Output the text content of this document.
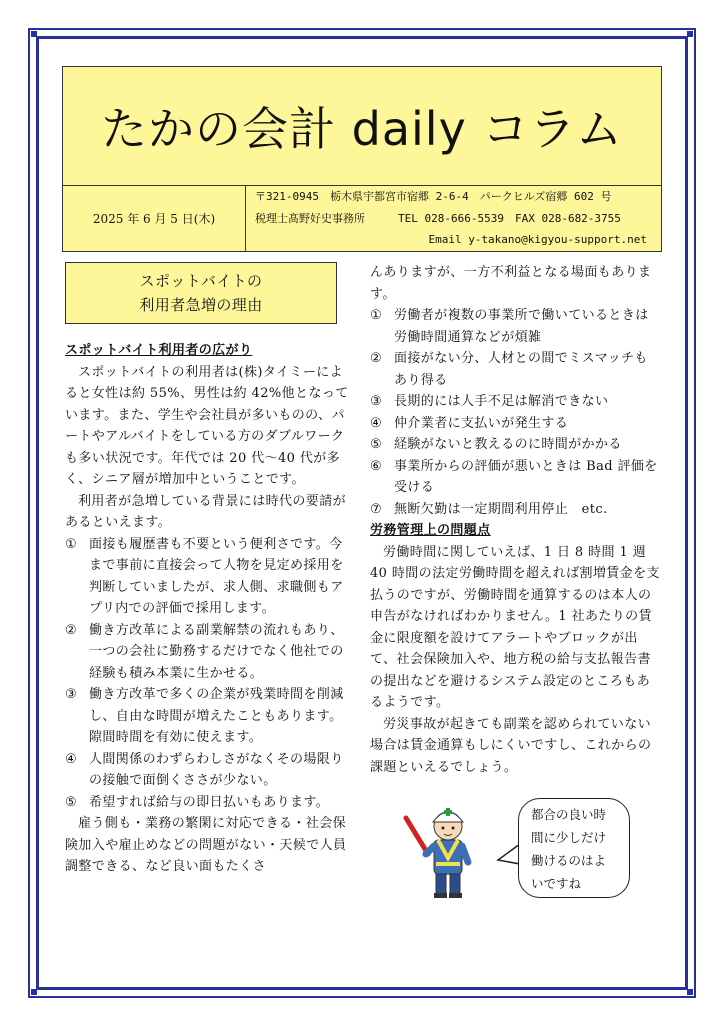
たかの会計 daily コラム
2025 年 6 月 5 日(木)
〒321-0945　栃木県宇都宮市宿郷 2-6-4　パークヒルズ宿郷 602 号
税理士髙野好史事務所　　　TEL 028-666-5539　FAX 028-682-3755
Email y-takano@kigyou-support.net
スポットバイトの
利用者急増の理由
スポットバイト利用者の広がり

スポットバイトの利用者は(株)タイミーによると女性は約 55%、男性は約 42%他となっています。また、学生や会社員が多いものの、パートやアルバイトをしている方のダブルワークも多い状況です。年代では 20 代～40 代が多く、シニア層が増加中ということです。

利用者が急増している背景には時代の要請があるといえます。

① 面接も履歴書も不要という便利さです。今まで事前に直接会って人物を見定め採用を判断していましたが、求人側、求職側もアプリ内での評価で採用します。
② 働き方改革による副業解禁の流れもあり、一つの会社に勤務するだけでなく他社での経験も積み本業に生かせる。
③ 働き方改革で多くの企業が残業時間を削減し、自由な時間が増えたこともあります。隙間時間を有効に使えます。
④ 人間関係のわずらわしさがなくその場限りの接触で面倒くささが少ない。
⑤ 希望すれば給与の即日払いもあります。

雇う側も・業務の繁閑に対応できる・社会保険加入や雇止めなどの問題がない・天候で人員調整できる、など良い面もたくさ

んありますが、一方不利益となる場面もあります。

① 労働者が複数の事業所で働いているときは労働時間通算などが煩雑
② 面接がない分、人材との間でミスマッチもあり得る
③ 長期的には人手不足は解消できない
④ 仲介業者に支払いが発生する
⑤ 経験がないと教えるのに時間がかかる
⑥ 事業所からの評価が悪いときは Bad 評価を受ける
⑦ 無断欠勤は一定期間利用停止　etc.
労務管理上の問題点

労働時間に関していえば、1 日 8 時間 1 週 40 時間の法定労働時間を超えれば割増賃金を支払うのですが、労働時間を通算するのは本人の申告がなければわかりません。1 社あたりの賃金に限度額を設けてアラートやブロックが出て、社会保険加入や、地方税の給与支払報告書の提出などを避けるシステム設定のところもあるようです。

労災事故が起きても副業を認められていない場合は賃金通算もしにくいですし、これからの課題といえるでしょう。

都合の良い時
間に少しだけ
働けるのはよ
いですね
